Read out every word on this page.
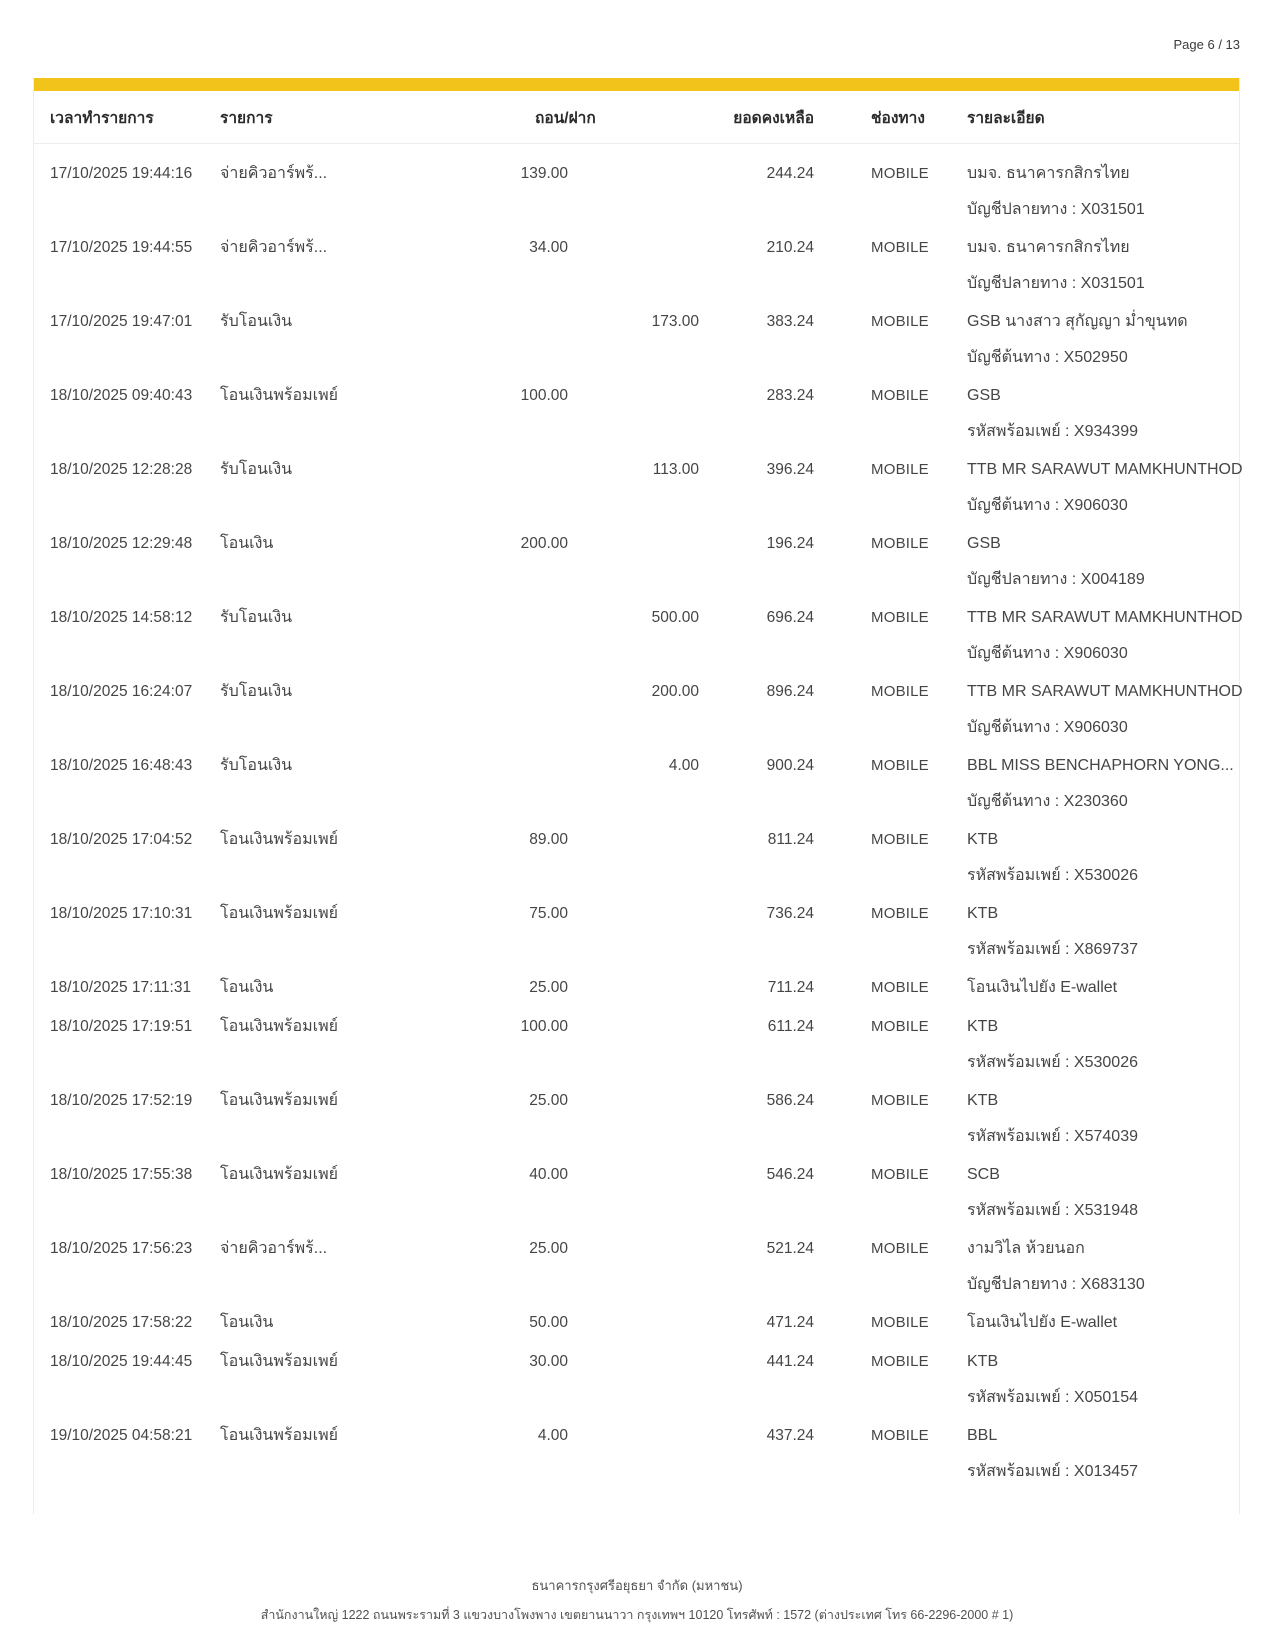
Page 6 / 13
เวลาทำรายการ	รายการ	ถอน/ฝาก	ยอดคงเหลือ	ช่องทาง	รายละเอียด
17/10/2025 19:44:16	จ่ายคิวอาร์พร้...	139.00	244.24	MOBILE	บมจ. ธนาคารกสิกรไทย
บัญชีปลายทาง : X031501
17/10/2025 19:44:55	จ่ายคิวอาร์พร้...	34.00	210.24	MOBILE	บมจ. ธนาคารกสิกรไทย
บัญชีปลายทาง : X031501
17/10/2025 19:47:01	รับโอนเงิน	173.00	383.24	MOBILE	GSB นางสาว สุกัญญา ม่ำขุนทด
บัญชีต้นทาง : X502950
18/10/2025 09:40:43	โอนเงินพร้อมเพย์	100.00	283.24	MOBILE	GSB
รหัสพร้อมเพย์ : X934399
18/10/2025 12:28:28	รับโอนเงิน	113.00	396.24	MOBILE	TTB MR SARAWUT MAMKHUNTHOD
บัญชีต้นทาง : X906030
18/10/2025 12:29:48	โอนเงิน	200.00	196.24	MOBILE	GSB
บัญชีปลายทาง : X004189
18/10/2025 14:58:12	รับโอนเงิน	500.00	696.24	MOBILE	TTB MR SARAWUT MAMKHUNTHOD
บัญชีต้นทาง : X906030
18/10/2025 16:24:07	รับโอนเงิน	200.00	896.24	MOBILE	TTB MR SARAWUT MAMKHUNTHOD
บัญชีต้นทาง : X906030
18/10/2025 16:48:43	รับโอนเงิน	4.00	900.24	MOBILE	BBL MISS BENCHAPHORN YONG...
บัญชีต้นทาง : X230360
18/10/2025 17:04:52	โอนเงินพร้อมเพย์	89.00	811.24	MOBILE	KTB
รหัสพร้อมเพย์ : X530026
18/10/2025 17:10:31	โอนเงินพร้อมเพย์	75.00	736.24	MOBILE	KTB
รหัสพร้อมเพย์ : X869737
18/10/2025 17:11:31	โอนเงิน	25.00	711.24	MOBILE	โอนเงินไปยัง E-wallet
18/10/2025 17:19:51	โอนเงินพร้อมเพย์	100.00	611.24	MOBILE	KTB
รหัสพร้อมเพย์ : X530026
18/10/2025 17:52:19	โอนเงินพร้อมเพย์	25.00	586.24	MOBILE	KTB
รหัสพร้อมเพย์ : X574039
18/10/2025 17:55:38	โอนเงินพร้อมเพย์	40.00	546.24	MOBILE	SCB
รหัสพร้อมเพย์ : X531948
18/10/2025 17:56:23	จ่ายคิวอาร์พร้...	25.00	521.24	MOBILE	งามวิไล ห้วยนอก
บัญชีปลายทาง : X683130
18/10/2025 17:58:22	โอนเงิน	50.00	471.24	MOBILE	โอนเงินไปยัง E-wallet
18/10/2025 19:44:45	โอนเงินพร้อมเพย์	30.00	441.24	MOBILE	KTB
รหัสพร้อมเพย์ : X050154
19/10/2025 04:58:21	โอนเงินพร้อมเพย์	4.00	437.24	MOBILE	BBL
รหัสพร้อมเพย์ : X013457
ธนาคารกรุงศรีอยุธยา จำกัด (มหาชน)
สำนักงานใหญ่ 1222 ถนนพระรามที่ 3 แขวงบางโพงพาง เขตยานนาวา กรุงเทพฯ 10120 โทรศัพท์ : 1572 (ต่างประเทศ โทร 66-2296-2000 # 1)
